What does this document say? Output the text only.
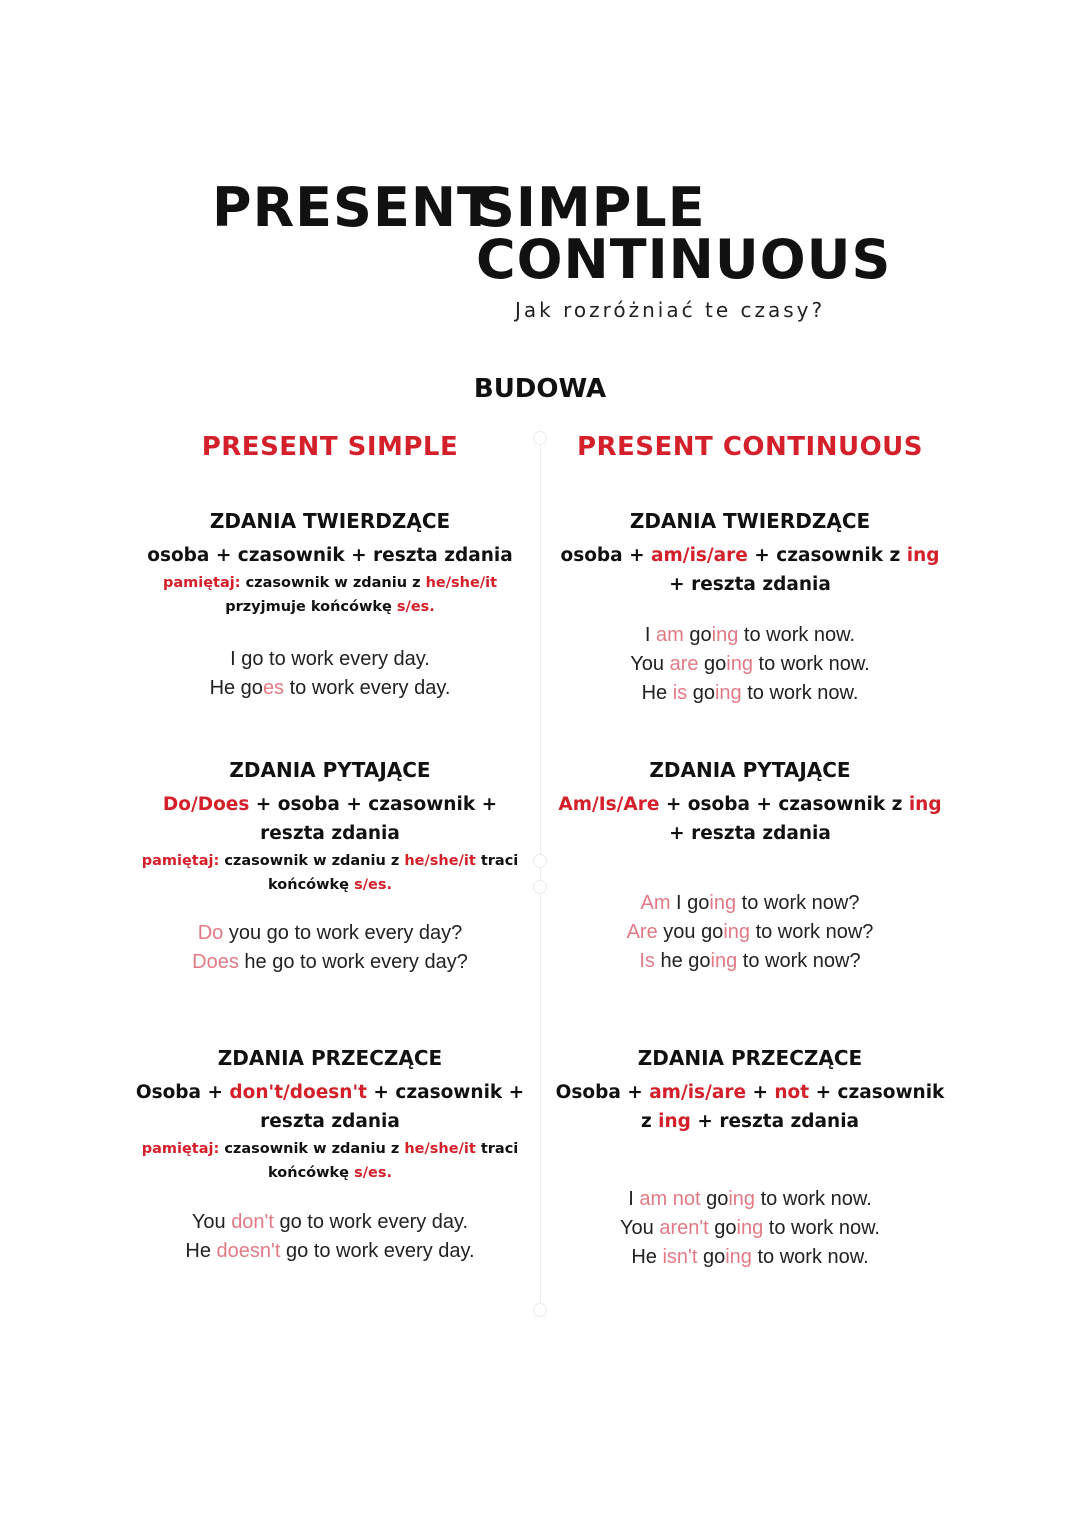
PRESENT
SIMPLE
CONTINUOUS
Jak rozróżniać te czasy?
BUDOWA
PRESENT SIMPLE	PRESENT CONTINUOUS
ZDANIA TWIERDZĄCE
osoba + czasownik + reszta zdania
pamiętaj: czasownik w zdaniu z he/she/it
przyjmuje końcówkę s/es.
I go to work every day.
He goes to work every day.
ZDANIA PYTAJĄCE
Do/Does + osoba + czasownik +
reszta zdania
pamiętaj: czasownik w zdaniu z he/she/it traci
końcówkę s/es.
Do you go to work every day?
Does he go to work every day?
ZDANIA PRZECZĄCE
Osoba + don't/doesn't + czasownik +
reszta zdania
pamiętaj: czasownik w zdaniu z he/she/it traci
końcówkę s/es.
You don't go to work every day.
He doesn't go to work every day.
ZDANIA TWIERDZĄCE
osoba + am/is/are + czasownik z ing
+ reszta zdania
I am going to work now.
You are going to work now.
He is going to work now.
ZDANIA PYTAJĄCE
Am/Is/Are + osoba + czasownik z ing
+ reszta zdania
Am I going to work now?
Are you going to work now?
Is he going to work now?
ZDANIA PRZECZĄCE
Osoba + am/is/are + not + czasownik
z ing + reszta zdania
I am not going to work now.
You aren't going to work now.
He isn't going to work now.
